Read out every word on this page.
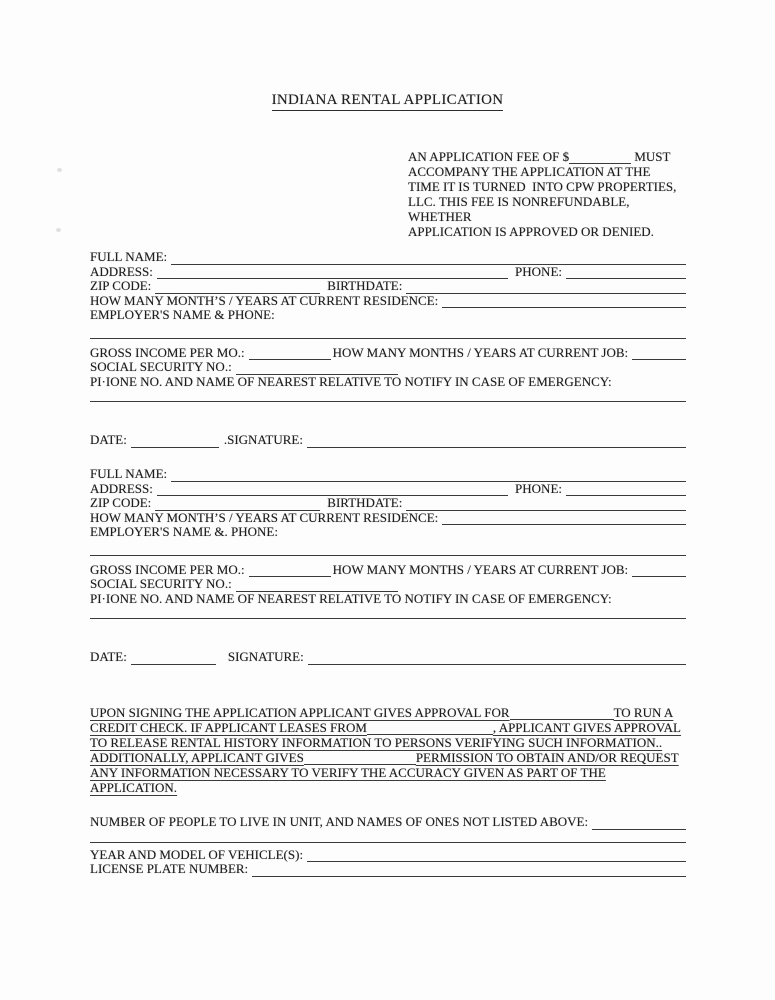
INDIANA RENTAL APPLICATION
AN APPLICATION FEE OF $	MUST
ACCOMPANY THE APPLICATION AT THE
TIME IT IS TURNED  INTO CPW PROPERTIES,
LLC. THIS FEE IS NONREFUNDABLE,
WHETHER
APPLICATION IS APPROVED OR DENIED.
FULL NAME:
ADDRESS:	PHONE:
ZIP CODE:	BIRTHDATE:
HOW MANY MONTH’S / YEARS AT CURRENT RESIDENCE:
EMPLOYER'S NAME & PHONE:
GROSS INCOME PER MO.:	HOW MANY MONTHS / YEARS AT CURRENT JOB:
SOCIAL SECURITY NO.:
PI·IONE NO. AND NAME OF NEAREST RELATIVE TO NOTIFY IN CASE OF EMERGENCY:
DATE:	.SIGNATURE:
FULL NAME:
ADDRESS:	PHONE:
ZIP CODE:	BIRTHDATE:
HOW MANY MONTH’S / YEARS AT CURRENT RESIDENCE:
EMPLOYER'S NAME &. PHONE:
GROSS INCOME PER MO.:	HOW MANY MONTHS / YEARS AT CURRENT JOB:
SOCIAL SECURITY NO.:
PI·IONE NO. AND NAME OF NEAREST RELATIVE TO NOTIFY IN CASE OF EMERGENCY:
DATE:	SIGNATURE:
UPON SIGNING THE APPLICATION APPLICANT GIVES APPROVAL FOR	TO RUN A
CREDIT CHECK. IF APPLICANT LEASES FROM	, APPLICANT GIVES APPROVAL
TO RELEASE RENTAL HISTORY INFORMATION TO PERSONS VERIFYING SUCH INFORMATION..
ADDITIONALLY, APPLICANT GIVES	PERMISSION TO OBTAIN AND/OR REQUEST
ANY INFORMATION NECESSARY TO VERIFY THE ACCURACY GIVEN AS PART OF THE
APPLICATION.
NUMBER OF PEOPLE TO LIVE IN UNIT, AND NAMES OF ONES NOT LISTED ABOVE:
YEAR AND MODEL OF VEHICLE(S):
LICENSE PLATE NUMBER:
